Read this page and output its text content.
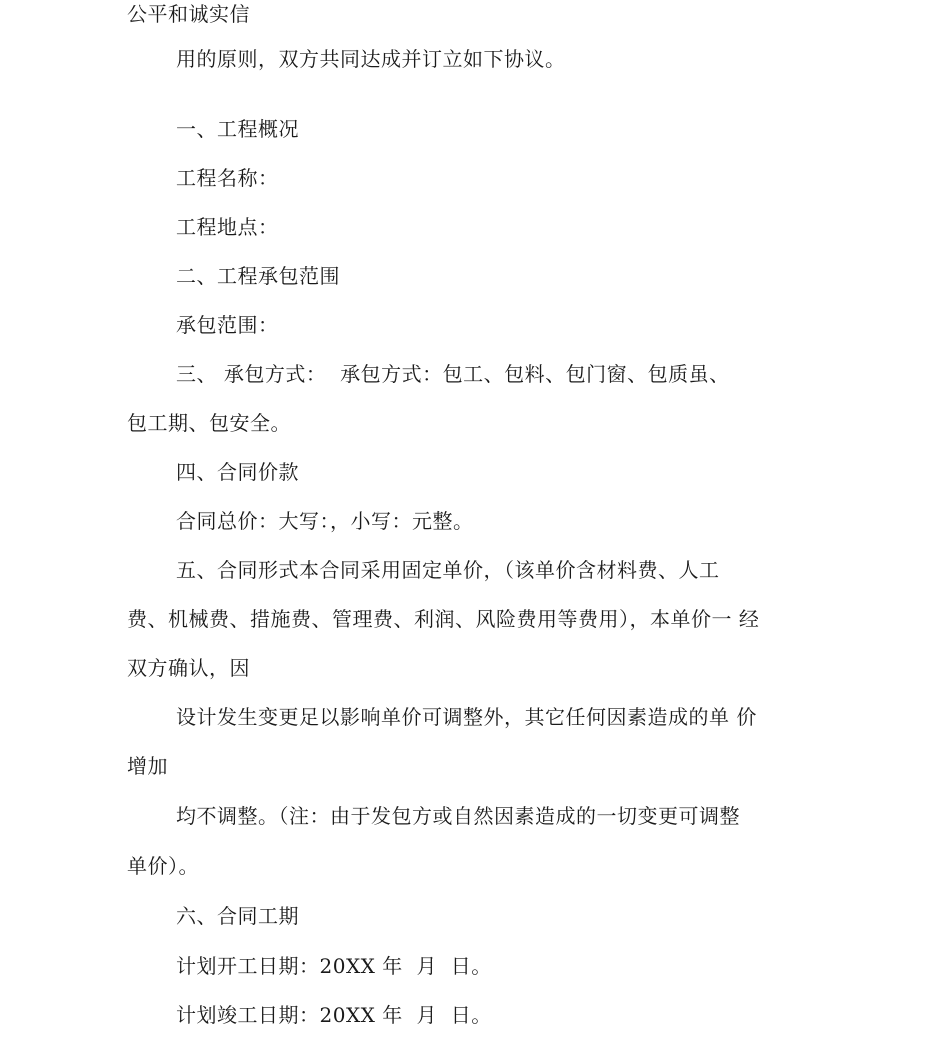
公平和诚实信
用的原则，双方共同达成并订立如下协议。
一、工程概况
工程名称：
工程地点：
二、工程承包范围
承包范围：
三、 承包方式：  承包方式：包工、包料、包门窗、包质虽、
包工期、包安全。
四、合同价款
合同总价：大写：，小写：元整。
五、合同形式本合同采用固定单价，（该单价含材料费、人工
费、机械费、措施费、管理费、利润、风险费用等费用），本单价一 经
双方确认，因
设计发生变更足以影响单价可调整外，其它任何因素造成的单 价
增加
均不调整。（注：由于发包方或自然因素造成的一切变更可调整
单价）。
六、合同工期
计划开工日期：20XX 年  月  日。
计划竣工日期：20XX 年  月  日。
